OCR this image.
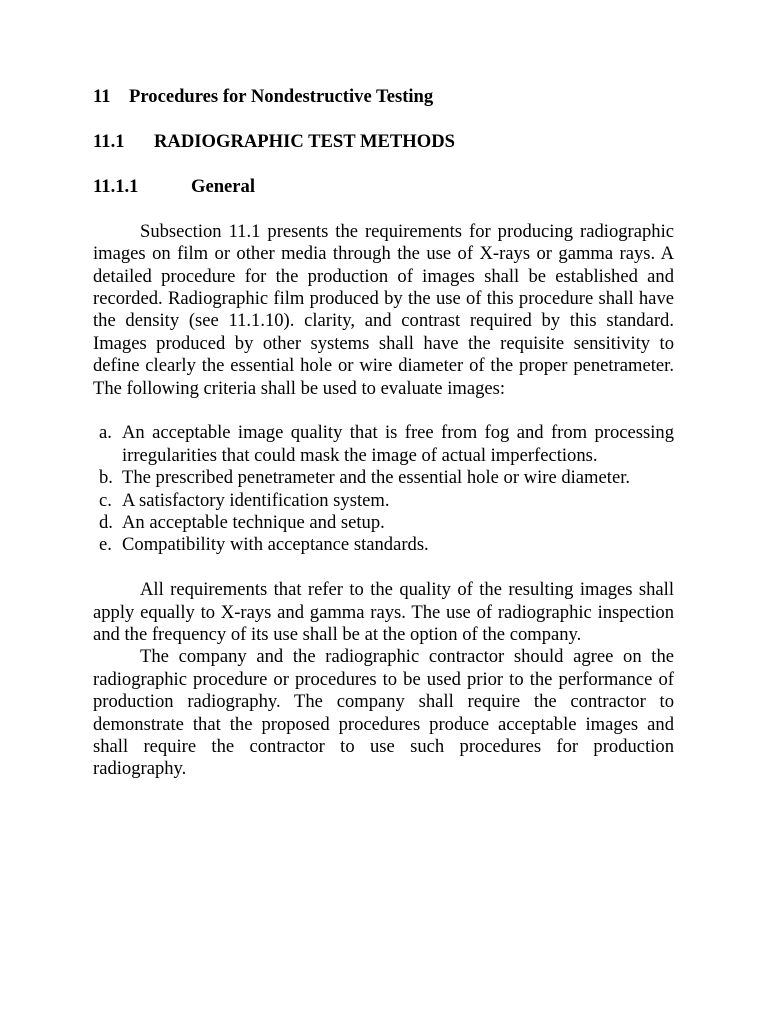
11 Procedures for Nondestructive Testing
11.1 RADIOGRAPHIC TEST METHODS
11.1.1	General

Subsection 11.1 presents the requirements for producing radiographic images on film or other media through the use of X-rays or gamma rays. A detailed procedure for the production of images shall be established and recorded. Radiographic film produced by the use of this procedure shall have the density (see 11.1.10). clarity, and contrast required by this standard. Images produced by other systems shall have the requisite sensitivity to define clearly the essential hole or wire diameter of the proper penetrameter. The following criteria shall be used to evaluate images:

a. An acceptable image quality that is free from fog and from processing irregularities that could mask the image of actual imperfections.
b. The prescribed penetrameter and the essential hole or wire diameter.
c. A satisfactory identification system.
d. An acceptable technique and setup.
e. Compatibility with acceptance standards.

All requirements that refer to the quality of the resulting images shall apply equally to X-rays and gamma rays. The use of radiographic inspection and the frequency of its use shall be at the option of the company.

The company and the radiographic contractor should agree on the radiographic procedure or procedures to be used prior to the performance of production radiography. The company shall require the contractor to demonstrate that the proposed procedures produce acceptable images and shall require the contractor to use such procedures for production radiography.
